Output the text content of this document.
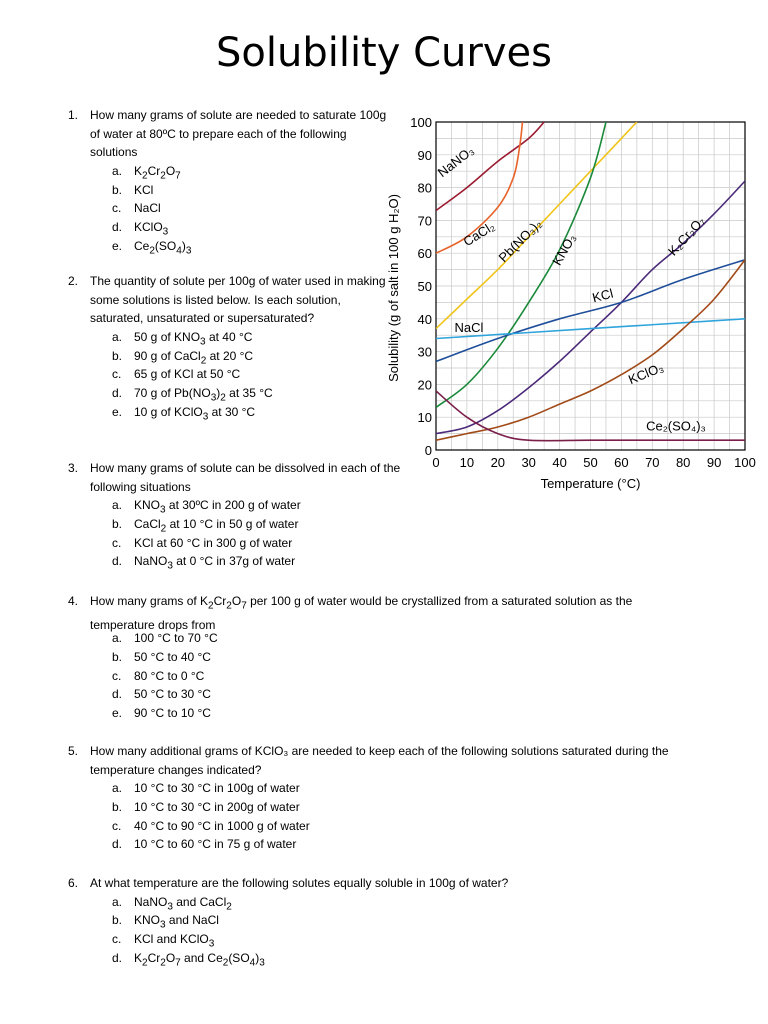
Solubility Curves
1. How many grams of solute are needed to saturate 100g of water at 80ºC to prepare each of the following solutions
a. $K_2Cr_2O_7$
b. KCl
c. NaCl
d. KClO$_3$
e. $Ce_2(SO_4)_3$
2. The quantity of solute per 100g of water used in making some solutions is listed below. Is each solution, saturated, unsaturated or supersaturated?
a. 50 g of $KNO_3$ at 40 °C
b. 90 g of CaCl$_2$ at 20 °C
c. 65 g of KCl at 50 °C
d. 70 g of $Pb(NO_3)_2$ at 35 °C
e. 10 g of KClO$_3$ at 30 °C
3. How many grams of solute can be dissolved in each of the following situations
a. $KNO_3$ at 30ºC in 200 g of water
b. CaCl$_2$ at 10 °C in 50 g of water
c. KCl at 60 °C in 300 g of water
d. NaNO$_3$ at 0 °C in 37g of water
4. How many grams of $K_2Cr_2O_7$ per 100 g of water would be crystallized from a saturated solution as the temperature drops from
a. 100 °C to 70 °C
b. 50 °C to 40 °C
c. 80 °C to 0 °C
d. 50 °C to 30 °C
e. 90 °C to 10 °C
5. How many additional grams of KClO₃ are needed to keep each of the following solutions saturated during the temperature changes indicated?
a. 10 °C to 30 °C in 100g of water
b. 10 °C to 30 °C in 200g of water
c. 40 °C to 90 °C in 1000 g of water
d. 10 °C to 60 °C in 75 g of water
6. At what temperature are the following solutes equally soluble in 100g of water?
a. NaNO$_3$ and CaCl$_2$
b. $KNO_3$ and NaCl
c. KCl and KClO$_3$
d. $K_2Cr_2O_7$ and $Ce_2(SO_4)_3$
0 10 20 30 40 50 60 70 80 90 100
0
10
20
30
40
50
60
70
80
90
100
Temperature (°C)
Solubility (g of salt in 100 g H₂O)
NaNO₃
CaCl₂
Pb(NO₃)₂ KNO₃	K₂Cr₂O₇
KCl
NaCl
KClO₃
Ce₂(SO₄)₃
